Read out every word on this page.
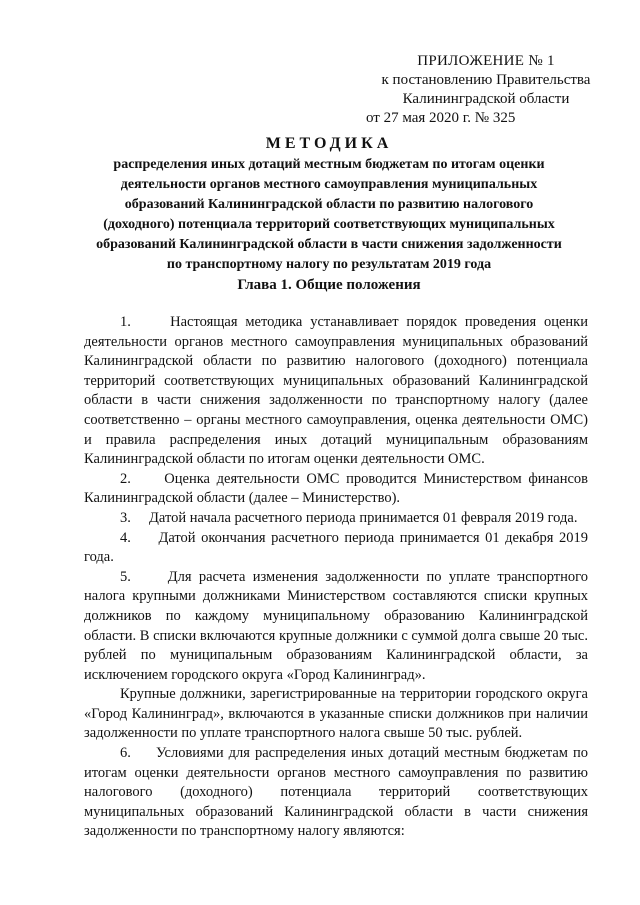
ПРИЛОЖЕНИЕ № 1
к постановлению Правительства
Калининградской области
от 27 мая 2020 г. № 325
МЕТОДИКА
распределения иных дотаций местным бюджетам по итогам оценки
деятельности органов местного самоуправления муниципальных
образований Калининградской области по развитию налогового
(доходного) потенциала территорий соответствующих муниципальных
образований Калининградской области в части снижения задолженности
по транспортному налогу по результатам 2019 года
Глава 1. Общие положения

1.     Настоящая методика устанавливает порядок проведения оценки деятельности органов местного самоуправления муниципальных образований Калининградской области по развитию налогового (доходного) потенциала территорий соответствующих муниципальных образований Калининградской области в части снижения задолженности по транспортному налогу (далее соответственно – органы местного самоуправления, оценка деятельности ОМС) и правила распределения иных дотаций муниципальным образованиям Калининградской области по итогам оценки деятельности ОМС.

2.     Оценка деятельности ОМС проводится Министерством финансов Калининградской области (далее – Министерство).

3.     Датой начала расчетного периода принимается 01 февраля 2019 года.

4.     Датой окончания расчетного периода принимается 01 декабря 2019 года.

5.     Для расчета изменения задолженности по уплате транспортного налога крупными должниками Министерством составляются списки крупных должников по каждому муниципальному образованию Калининградской области. В списки включаются крупные должники с суммой долга свыше 20 тыс. рублей по муниципальным образованиям Калининградской области, за исключением городского округа «Город Калининград».

Крупные должники, зарегистрированные на территории городского округа «Город Калининград», включаются в указанные списки должников при наличии задолженности по уплате транспортного налога свыше 50 тыс. рублей.

6.     Условиями для распределения иных дотаций местным бюджетам по итогам оценки деятельности органов местного самоуправления по развитию налогового (доходного) потенциала территорий соответствующих муниципальных образований Калининградской области в части снижения задолженности по транспортному налогу являются:
